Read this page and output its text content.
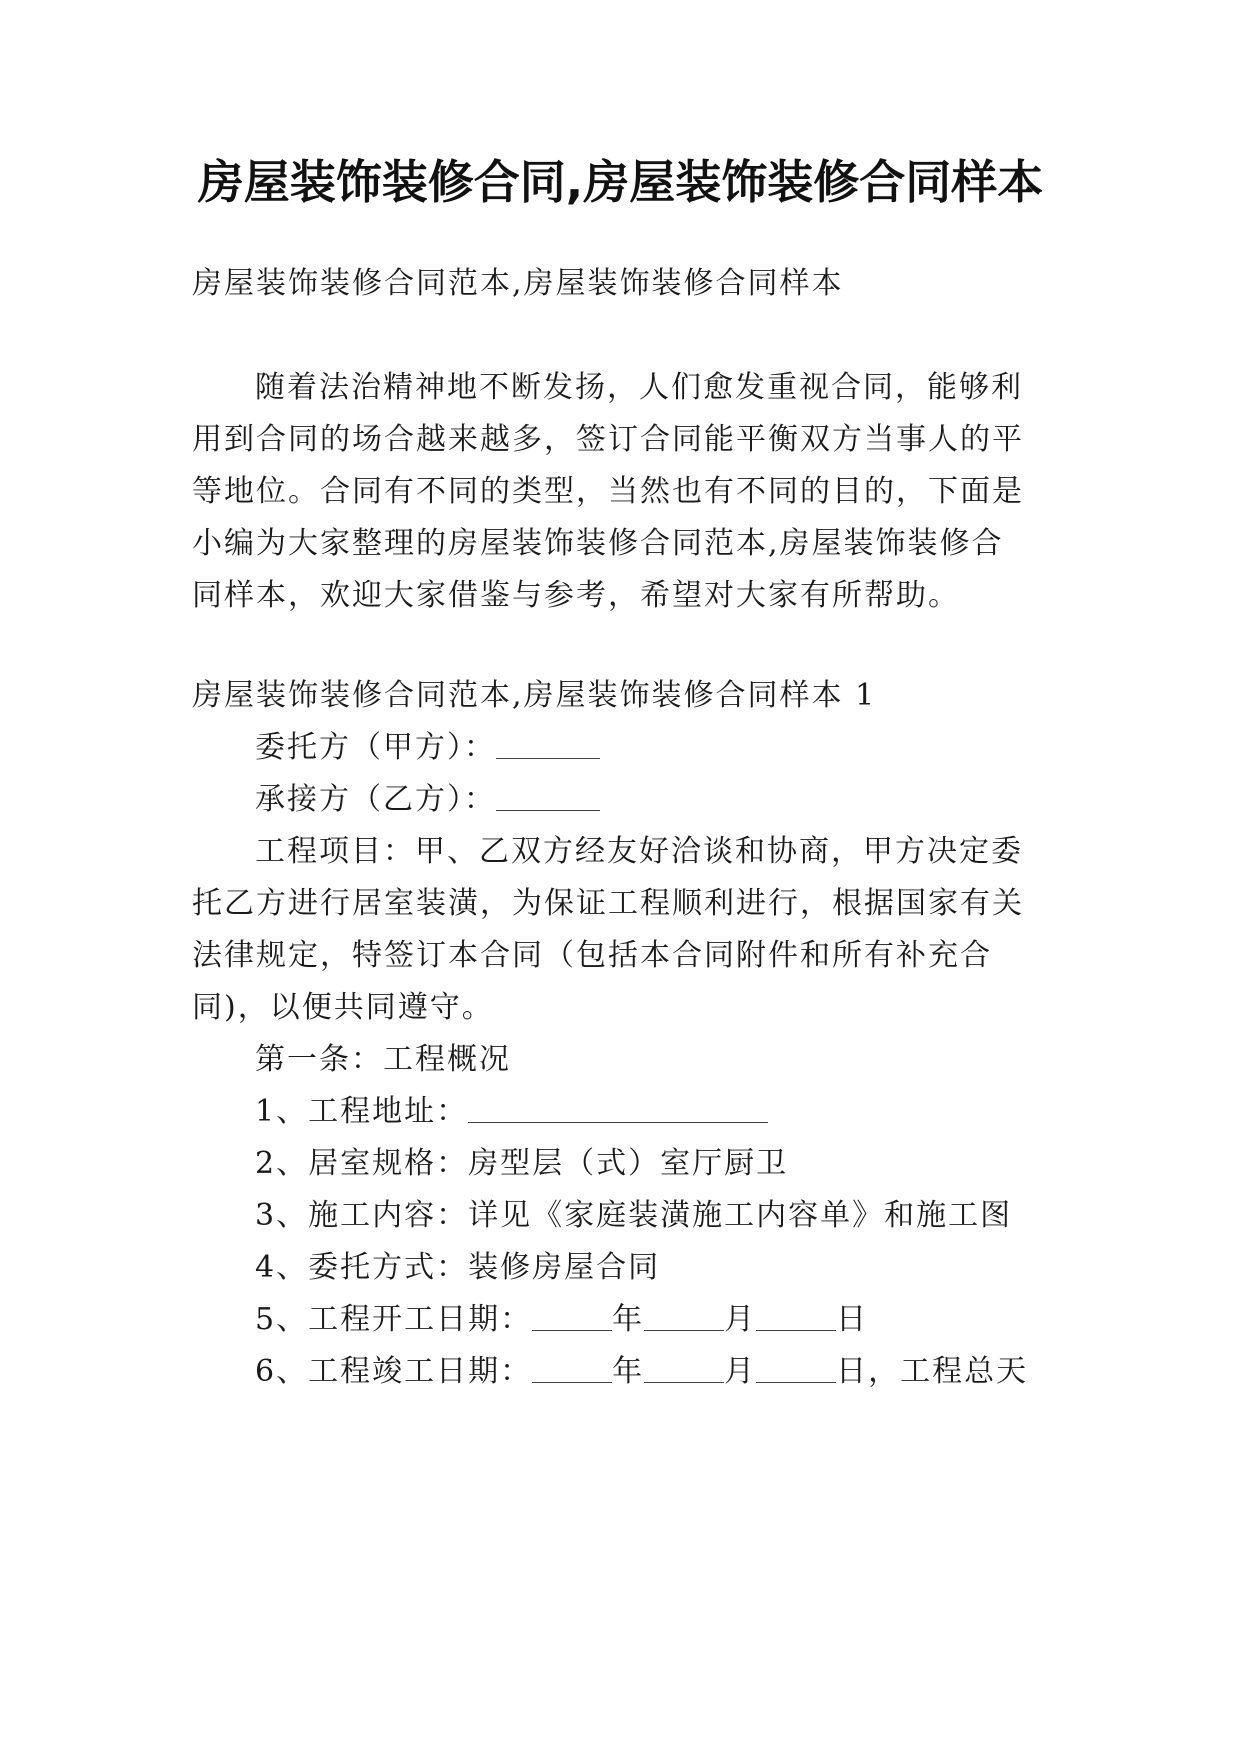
房屋装饰装修合同,房屋装饰装修合同样本

房屋装饰装修合同范本,房屋装饰装修合同样本

随着法治精神地不断发扬，人们愈发重视合同，能够利

用到合同的场合越来越多，签订合同能平衡双方当事人的平

等地位。合同有不同的类型，当然也有不同的目的，下面是

小编为大家整理的房屋装饰装修合同范本,房屋装饰装修合

同样本，欢迎大家借鉴与参考，希望对大家有所帮助。

房屋装饰装修合同范本,房屋装饰装修合同样本 1

委托方（甲方）：

承接方（乙方）：

工程项目：甲、乙双方经友好洽谈和协商，甲方决定委

托乙方进行居室装潢，为保证工程顺利进行，根据国家有关

法律规定，特签订本合同（包括本合同附件和所有补充合

同)，以便共同遵守。

第一条：工程概况

1、工程地址：

2、居室规格：房型层（式）室厅厨卫

3、施工内容：详见《家庭装潢施工内容单》和施工图

4、委托方式：装修房屋合同

5、工程开工日期：	年	月	日

6、工程竣工日期：	年	月	日，工程总天
